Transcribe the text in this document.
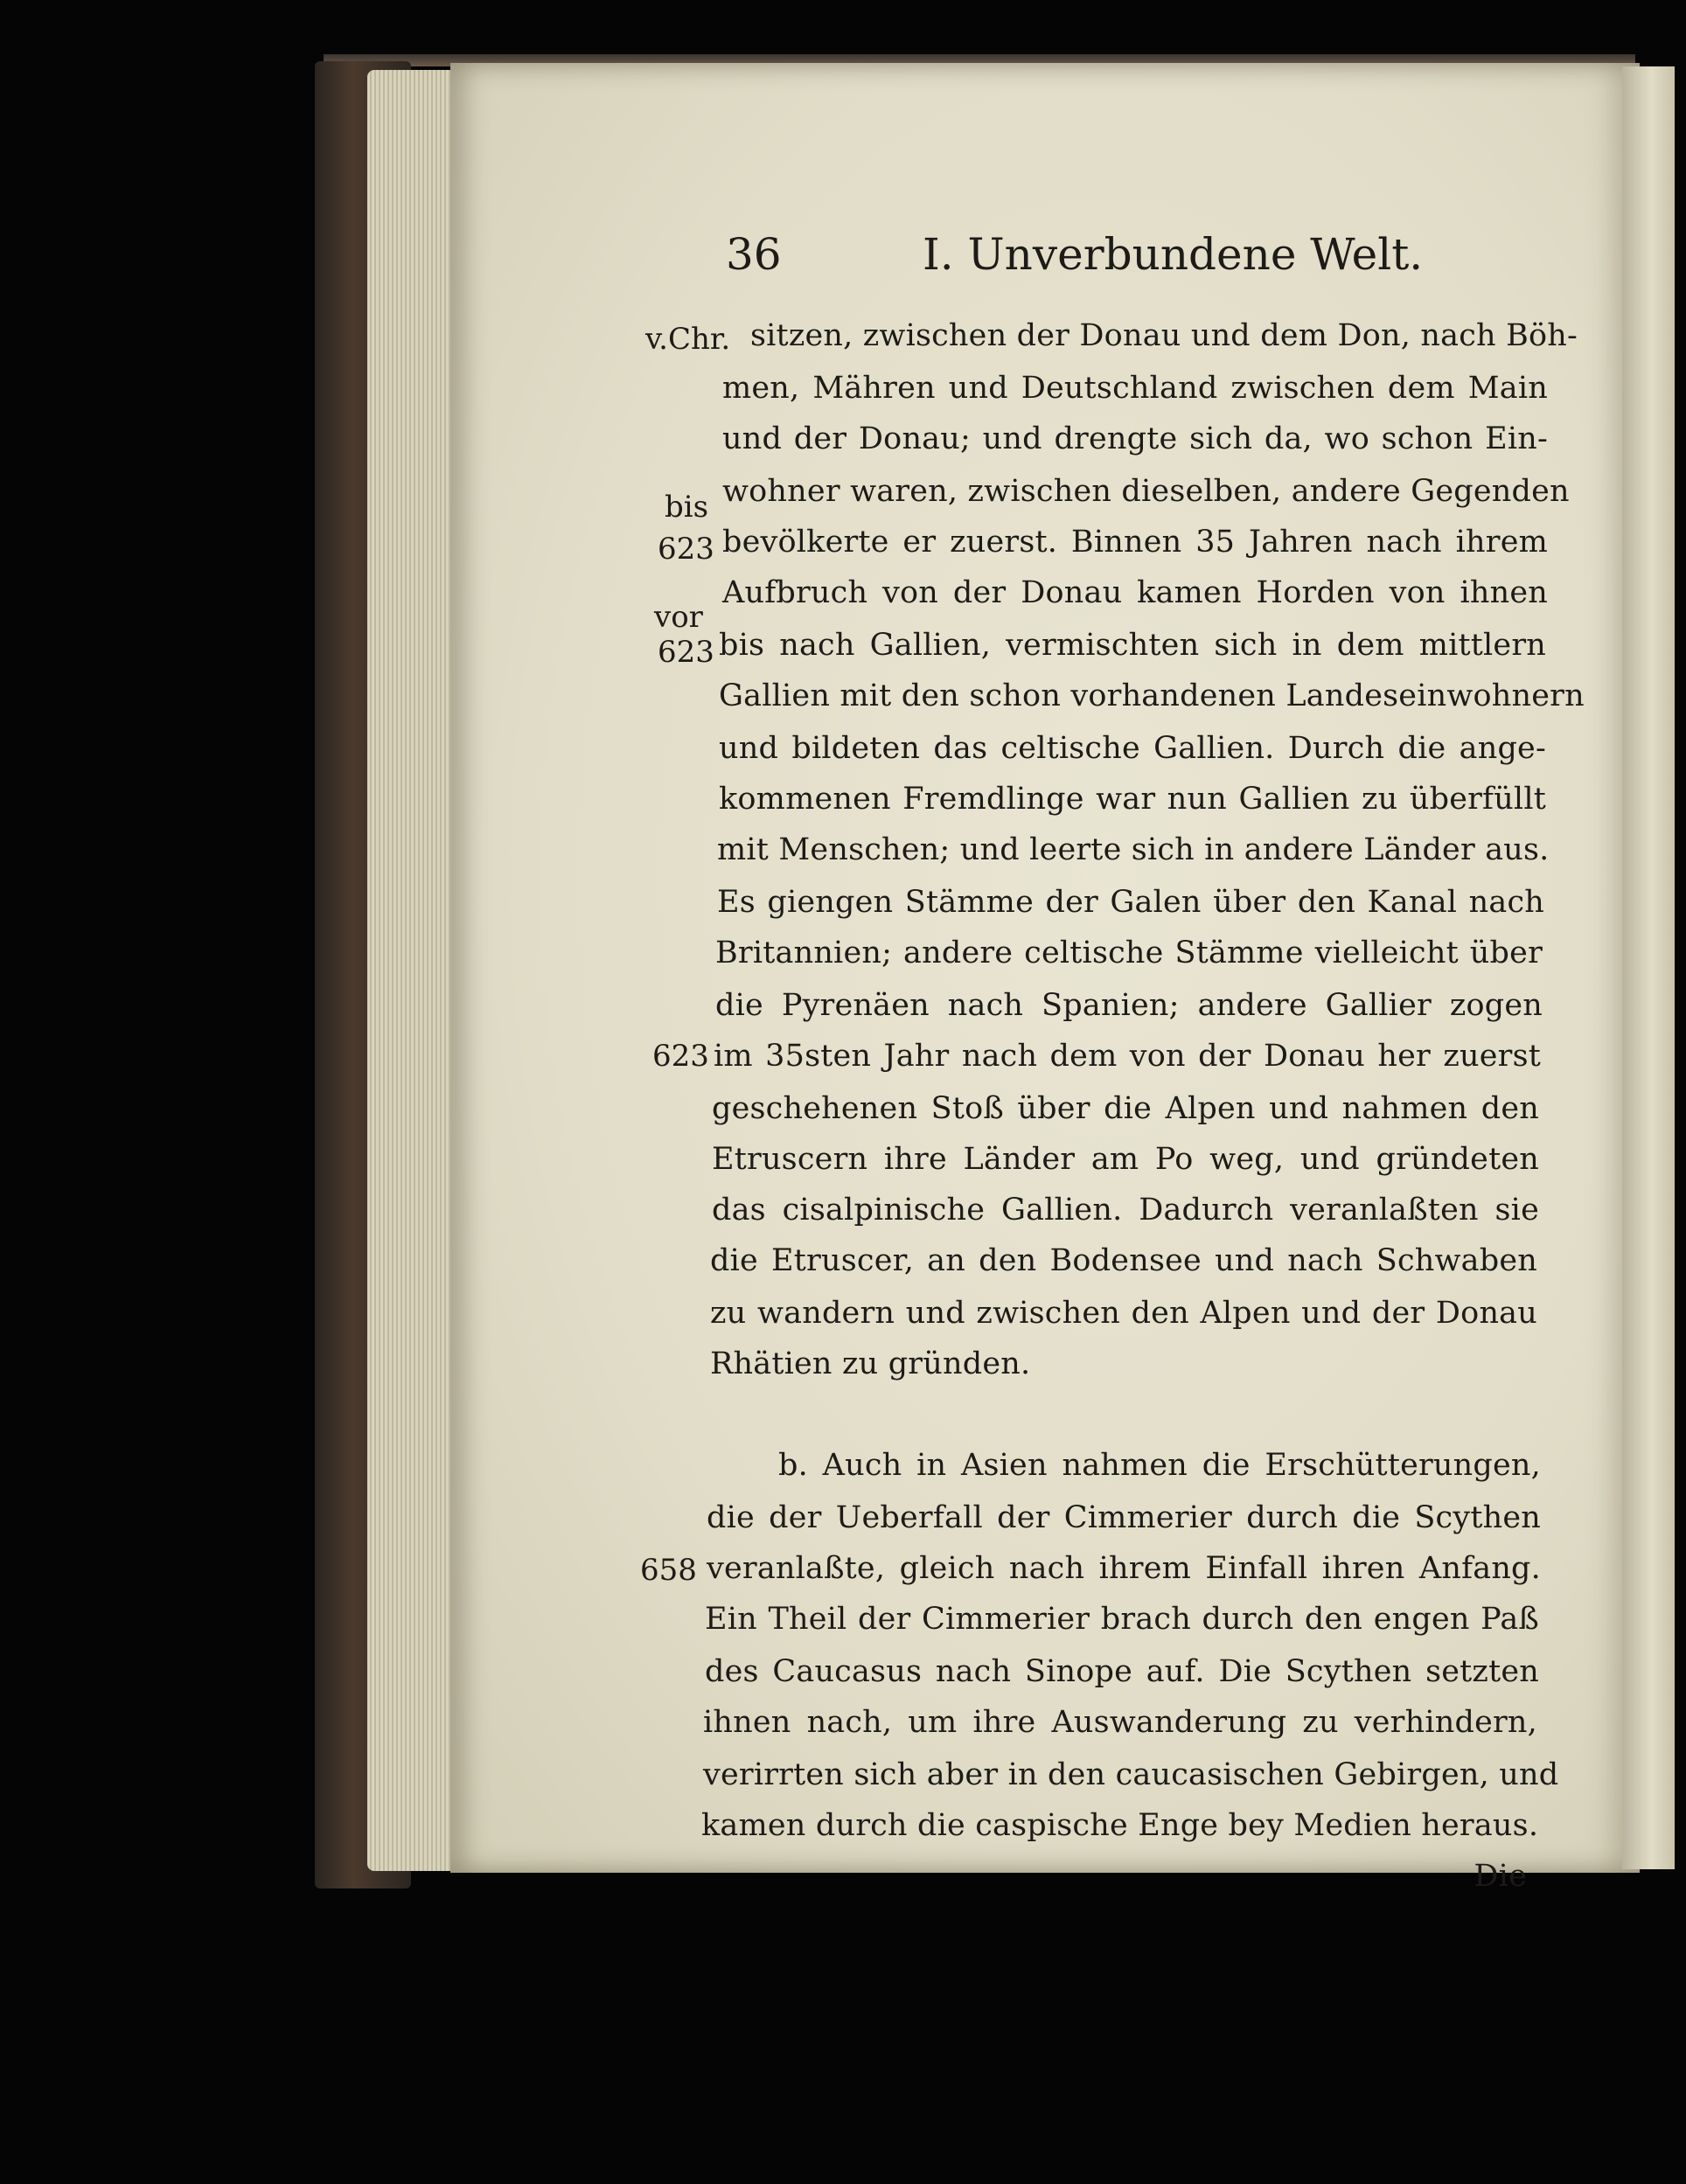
36	I. Unverbundene Welt.
v.Chr.
bis
623
vor
623
623
658
sitzen, zwischen der Donau und dem Don, nach Böh-
men, Mähren und Deutschland zwischen dem Main
und der Donau; und drengte sich da, wo schon Ein-
wohner waren, zwischen dieselben, andere Gegenden
bevölkerte er zuerst. Binnen 35 Jahren nach ihrem
Aufbruch von der Donau kamen Horden von ihnen
bis nach Gallien, vermischten sich in dem mittlern
Gallien mit den schon vorhandenen Landeseinwohnern
und bildeten das celtische Gallien. Durch die ange-
kommenen Fremdlinge war nun Gallien zu überfüllt
mit Menschen; und leerte sich in andere Länder aus.
Es giengen Stämme der Galen über den Kanal nach
Britannien; andere celtische Stämme vielleicht über
die Pyrenäen nach Spanien; andere Gallier zogen
im 35sten Jahr nach dem von der Donau her zuerst
geschehenen Stoß über die Alpen und nahmen den
Etruscern ihre Länder am Po weg, und gründeten
das cisalpinische Gallien. Dadurch veranlaßten sie
die Etruscer, an den Bodensee und nach Schwaben
zu wandern und zwischen den Alpen und der Donau
Rhätien zu gründen.
b. Auch in Asien nahmen die Erschütterungen,
die der Ueberfall der Cimmerier durch die Scythen
veranlaßte, gleich nach ihrem Einfall ihren Anfang.
Ein Theil der Cimmerier brach durch den engen Paß
des Caucasus nach Sinope auf. Die Scythen setzten
ihnen nach, um ihre Auswanderung zu verhindern,
verirrten sich aber in den caucasischen Gebirgen, und
kamen durch die caspische Enge bey Medien heraus.
Die
